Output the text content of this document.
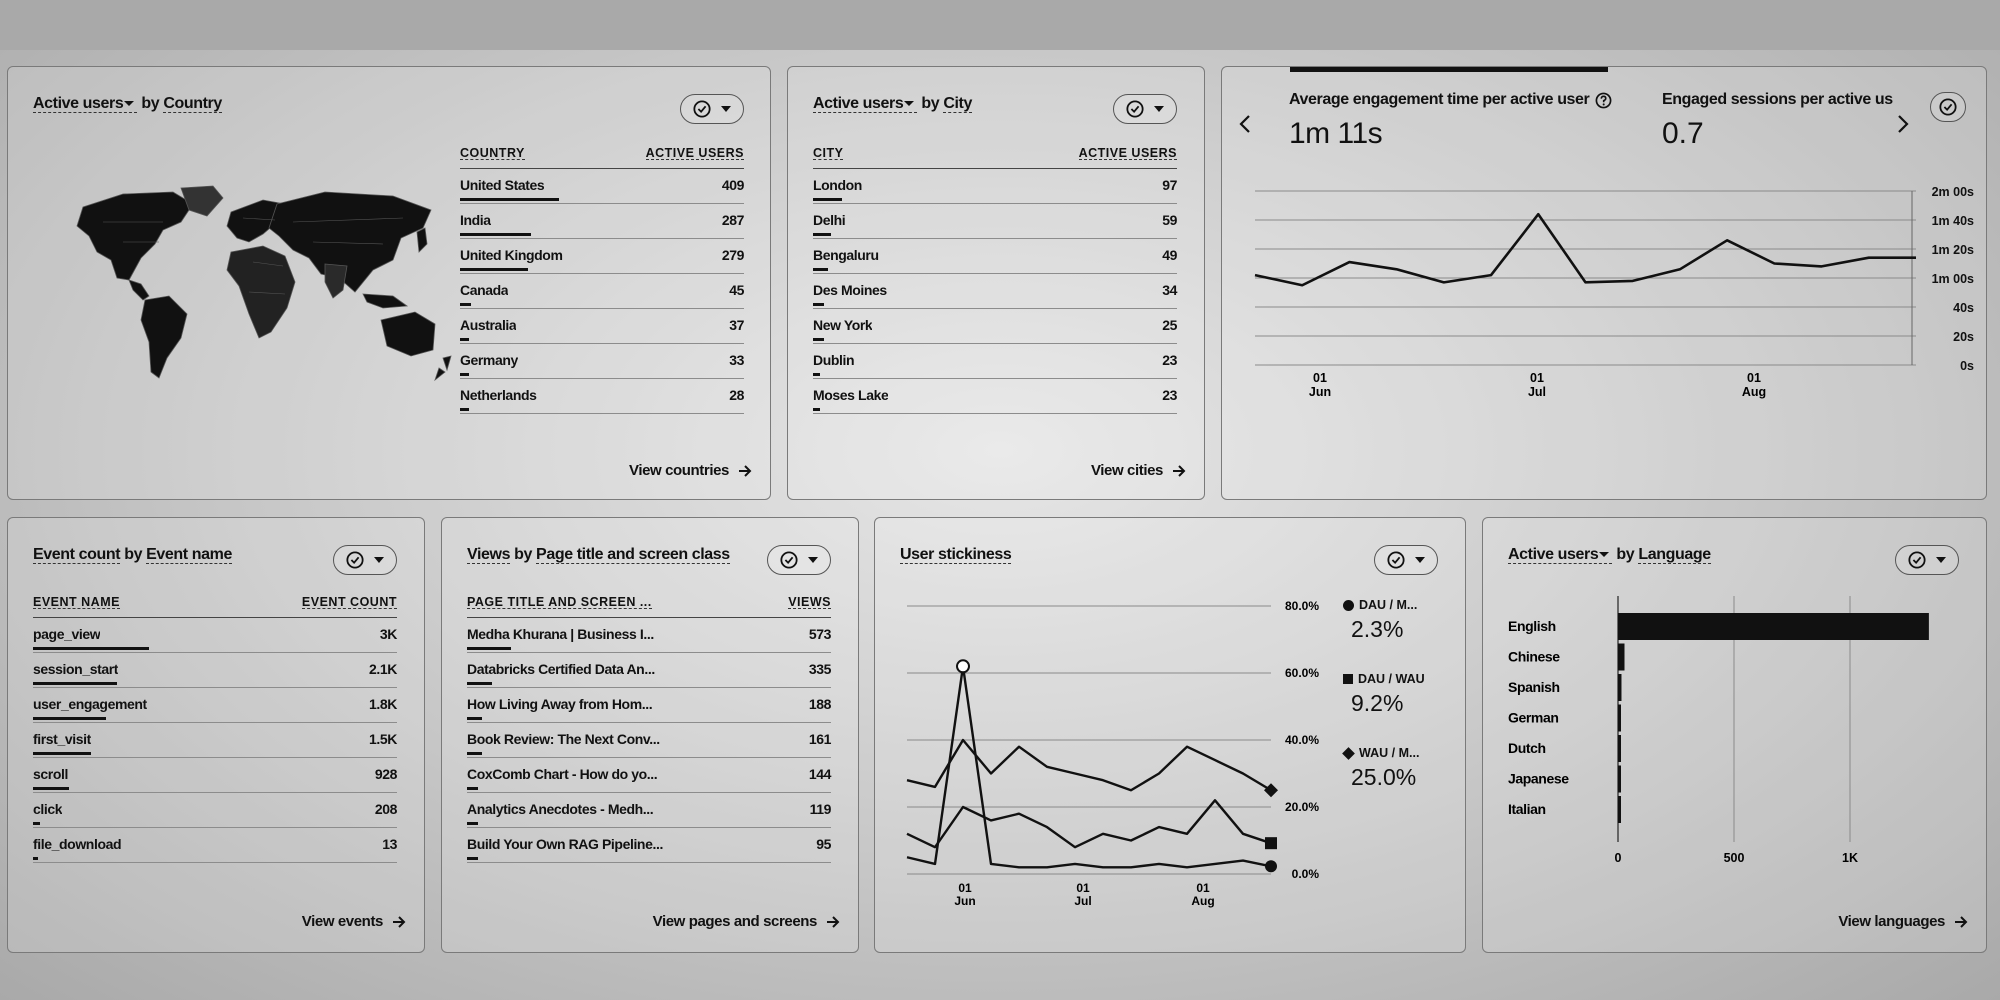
Active users by Country
COUNTRY	ACTIVE USERS
United States	409
India	287
United Kingdom	279
Canada	45
Australia	37
Germany	33
Netherlands	28
View countries
Active users by City
CITY	ACTIVE USERS
London	97
Delhi	59
Bengaluru	49
Des Moines	34
New York	25
Dublin	23
Moses Lake	23
View cities
Average engagement time per active user
1m 11s
Engaged sessions per active us
0.7
2m 00s
1m 40s
1m 20s
1m 00s
40s
20s
0s
01
Jun
01
Jul
01
Aug
Event count by Event name
EVENT NAME	EVENT COUNT
page_view	3K
session_start	2.1K
user_engagement	1.8K
first_visit	1.5K
scroll	928
click	208
file_download	13
View events
Views by Page title and screen class
PAGE TITLE AND SCREEN ...	VIEWS
Medha Khurana | Business I...	573
Databricks Certified Data An...	335
How Living Away from Hom...	188
Book Review: The Next Conv...	161
CoxComb Chart - How do yo...	144
Analytics Anecdotes - Medh...	119
Build Your Own RAG Pipeline...	95
View pages and screens
User stickiness
80.0%
60.0%
40.0%
20.0%
0.0%
01
Jun
01
Jul
01
Aug
DAU / M...
2.3%
DAU / WAU
9.2%
WAU / M...
25.0%
Active users by Language
0	500	1K
English
Chinese
Spanish
German
Dutch
Japanese
Italian
View languages
